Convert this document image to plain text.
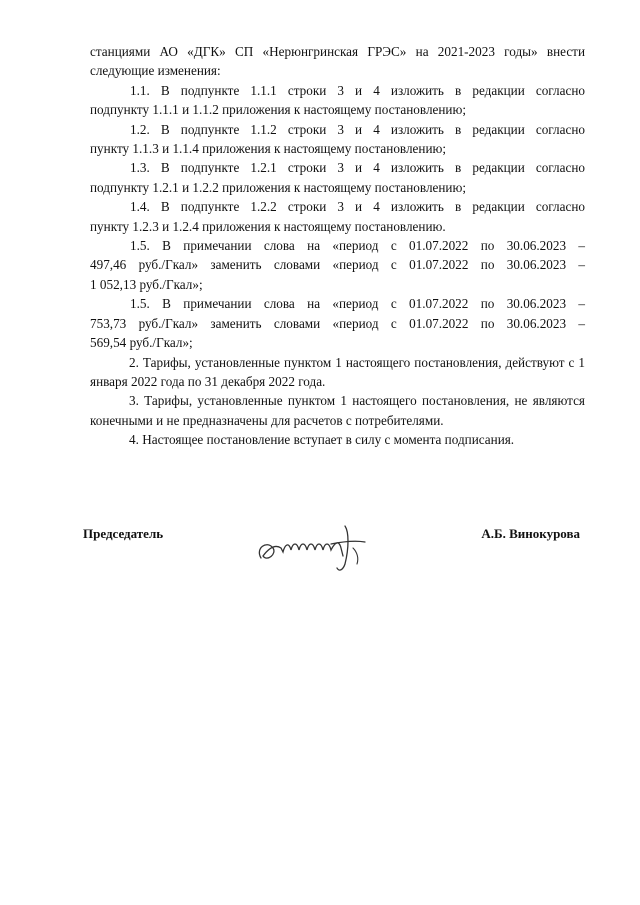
станциями АО «ДГК» СП «Нерюнгринская ГРЭС» на 2021-2023 годы» внести

следующие изменения:

1.1. В подпункте 1.1.1 строки 3 и 4 изложить в редакции согласно
подпункту 1.1.1 и 1.1.2 приложения к настоящему постановлению;
1.2. В подпункте 1.1.2 строки 3 и 4 изложить в редакции согласно
пункту 1.1.3 и 1.1.4 приложения к настоящему постановлению;
1.3. В подпункте 1.2.1 строки 3 и 4 изложить в редакции согласно
подпункту 1.2.1 и 1.2.2 приложения к настоящему постановлению;
1.4. В подпункте 1.2.2 строки 3 и 4 изложить в редакции согласно
пункту 1.2.3 и 1.2.4 приложения к настоящему постановлению.
1.5. В примечании слова на «период с 01.07.2022 по 30.06.2023 –
497,46 руб./Гкал» заменить словами «период с 01.07.2022 по 30.06.2023 –
1 052,13 руб./Гкал»;
1.5. В примечании слова на «период с 01.07.2022 по 30.06.2023 –
753,73 руб./Гкал» заменить словами «период с 01.07.2022 по 30.06.2023 –
569,54 руб./Гкал»;

2. Тарифы, установленные пунктом 1 настоящего постановления, действуют с 1 января 2022 года по 31 декабря 2022 года.

3. Тарифы, установленные пунктом 1 настоящего постановления, не являются конечными и не предназначены для расчетов с потребителями.

4. Настоящее постановление вступает в силу с момента подписания.

Председатель	А.Б. Винокурова
